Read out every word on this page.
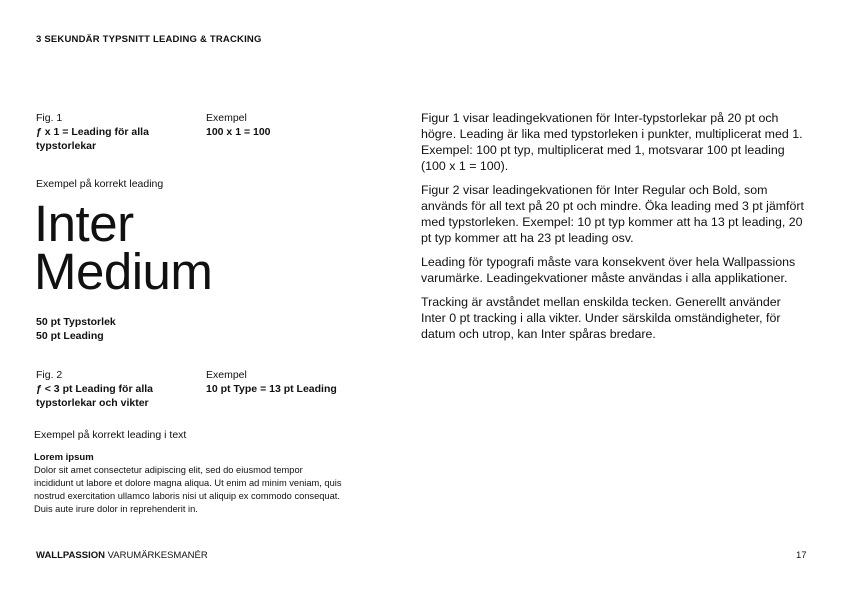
3 SEKUNDÄR TYPSNITT LEADING & TRACKING
Fig. 1
ƒ x 1 = Leading för alla typstorlekar
Exempel
100 x 1 = 100
Exempel på korrekt leading
Inter
Medium
50 pt Typstorlek
50 pt Leading
Fig. 2
ƒ < 3 pt Leading för alla typstorlekar och vikter
Exempel
10 pt Type = 13 pt Leading
Exempel på korrekt leading i text
Lorem ipsum
Dolor sit amet consectetur adipiscing elit, sed do eiusmod tempor incididunt ut labore et dolore magna aliqua. Ut enim ad minim veniam, quis nostrud exercitation ullamco laboris nisi ut aliquip ex commodo consequat. Duis aute irure dolor in reprehenderit in.

Figur 1 visar leadingekvationen för Inter-typstorlekar på 20 pt och högre. Leading är lika med typstorleken i punkter, multiplicerat med 1. Exempel: 100 pt typ, multiplicerat med 1, motsvarar 100 pt leading (100 x 1 = 100).

Figur 2 visar leadingekvationen för Inter Regular och Bold, som används för all text på 20 pt och mindre. Öka leading med 3 pt jämfört med typstorleken. Exempel: 10 pt typ kommer att ha 13 pt leading, 20 pt typ kommer att ha 23 pt leading osv.

Leading för typografi måste vara konsekvent över hela Wallpassions varumärke. Leadingekvationer måste användas i alla applikationer.

Tracking är avståndet mellan enskilda tecken. Generellt använder Inter 0 pt tracking i alla vikter. Under särskilda omständigheter, för datum och utrop, kan Inter spåras bredare.

WALLPASSION VARUMÄRKESMANÉR	17
